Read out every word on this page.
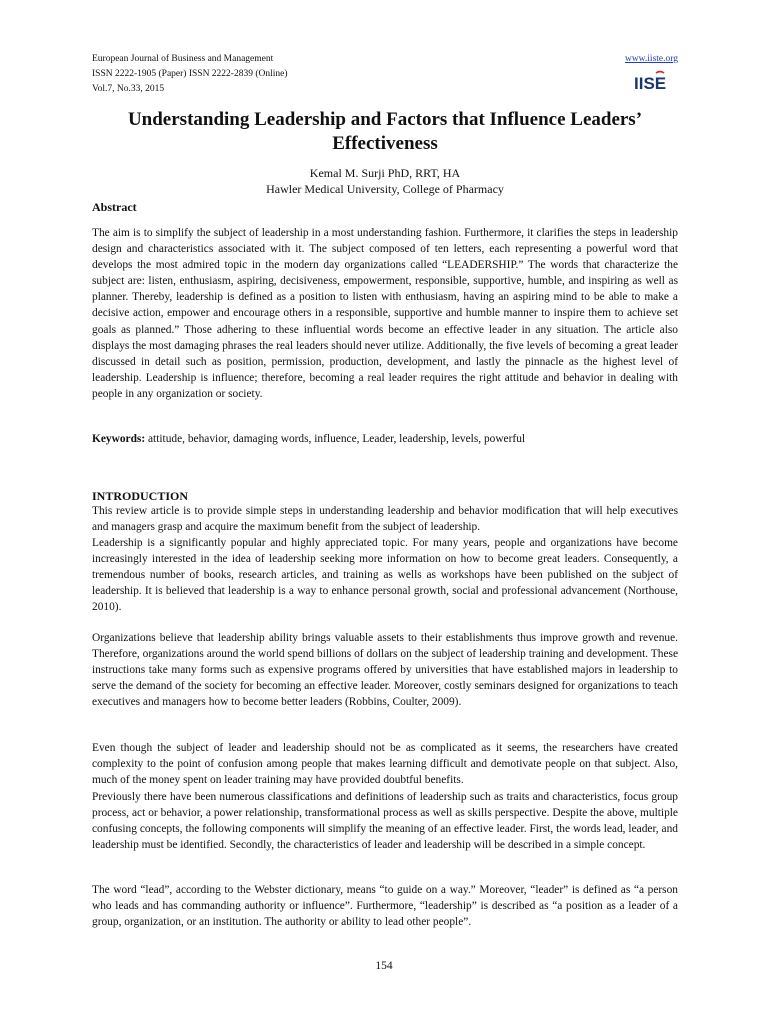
European Journal of Business and Management
ISSN 2222-1905 (Paper) ISSN 2222-2839 (Online)
Vol.7, No.33, 2015
www.iiste.org
IISE
Understanding Leadership and Factors that Influence Leaders’ Effectiveness
Kemal M. Surji PhD, RRT, HA
Hawler Medical University, College of Pharmacy
Abstract

The aim is to simplify the subject of leadership in a most understanding fashion. Furthermore, it clarifies the steps in leadership design and characteristics associated with it. The subject composed of ten letters, each representing a powerful word that develops the most admired topic in the modern day organizations called “LEADERSHIP.” The words that characterize the subject are: listen, enthusiasm, aspiring, decisiveness, empowerment, responsible, supportive, humble, and inspiring as well as planner. Thereby, leadership is defined as a position to listen with enthusiasm, having an aspiring mind to be able to make a decisive action, empower and encourage others in a responsible, supportive and humble manner to inspire them to achieve set goals as planned.” Those adhering to these influential words become an effective leader in any situation. The article also displays the most damaging phrases the real leaders should never utilize. Additionally, the five levels of becoming a great leader discussed in detail such as position, permission, production, development, and lastly the pinnacle as the highest level of leadership. Leadership is influence; therefore, becoming a real leader requires the right attitude and behavior in dealing with people in any organization or society.

Keywords: attitude, behavior, damaging words, influence, Leader, leadership, levels, powerful

INTRODUCTION

This review article is to provide simple steps in understanding leadership and behavior modification that will help executives and managers grasp and acquire the maximum benefit from the subject of leadership.

Leadership is a significantly popular and highly appreciated topic. For many years, people and organizations have become increasingly interested in the idea of leadership seeking more information on how to become great leaders. Consequently, a tremendous number of books, research articles, and training as wells as workshops have been published on the subject of leadership. It is believed that leadership is a way to enhance personal growth, social and professional advancement (Northouse, 2010).

Organizations believe that leadership ability brings valuable assets to their establishments thus improve growth and revenue. Therefore, organizations around the world spend billions of dollars on the subject of leadership training and development. These instructions take many forms such as expensive programs offered by universities that have established majors in leadership to serve the demand of the society for becoming an effective leader. Moreover, costly seminars designed for organizations to teach executives and managers how to become better leaders (Robbins, Coulter, 2009).

Even though the subject of leader and leadership should not be as complicated as it seems, the researchers have created complexity to the point of confusion among people that makes learning difficult and demotivate people on that subject. Also, much of the money spent on leader training may have provided doubtful benefits.

Previously there have been numerous classifications and definitions of leadership such as traits and characteristics, focus group process, act or behavior, a power relationship, transformational process as well as skills perspective. Despite the above, multiple confusing concepts, the following components will simplify the meaning of an effective leader. First, the words lead, leader, and leadership must be identified. Secondly, the characteristics of leader and leadership will be described in a simple concept.

The word “lead”, according to the Webster dictionary, means “to guide on a way.” Moreover, “leader” is defined as “a person who leads and has commanding authority or influence”. Furthermore, “leadership” is described as “a position as a leader of a group, organization, or an institution. The authority or ability to lead other people”.

154
